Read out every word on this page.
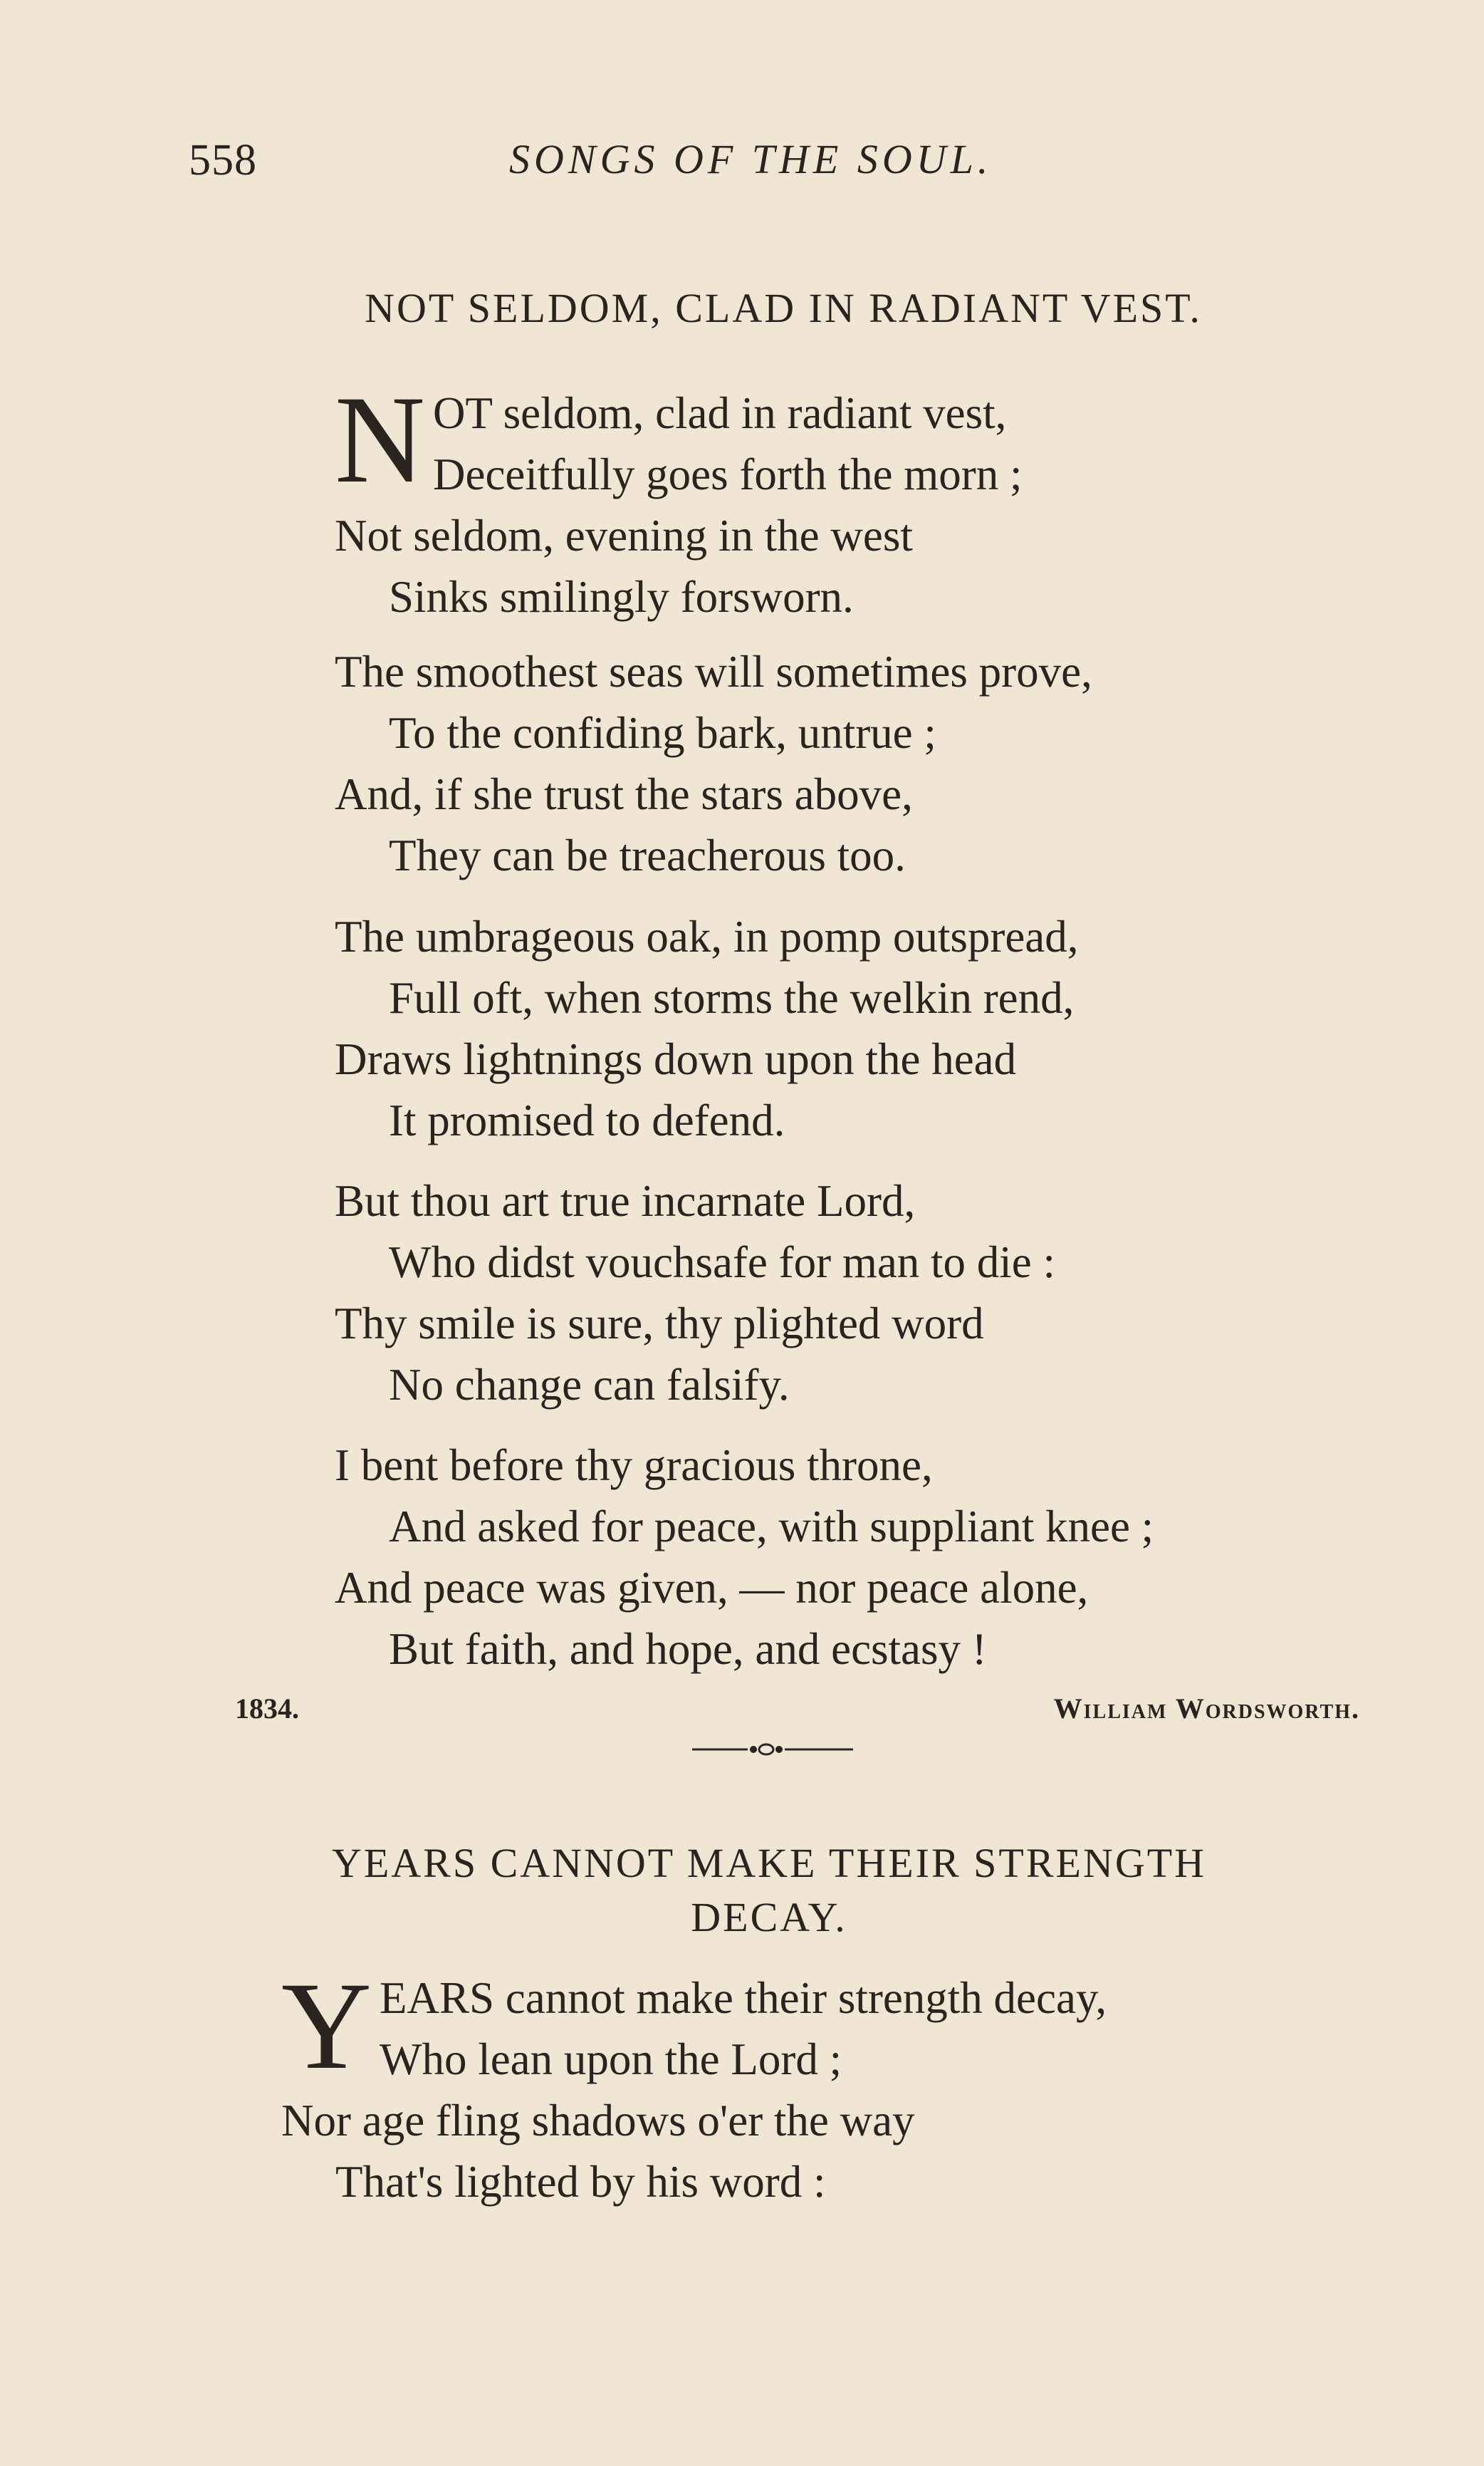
558	SONGS OF THE SOUL.
NOT SELDOM, CLAD IN RADIANT VEST.
N OT seldom, clad in radiant vest,
Deceitfully goes forth the morn ;
Not seldom, evening in the west
Sinks smilingly forsworn.
The smoothest seas will sometimes prove,
To the confiding bark, untrue ;
And, if she trust the stars above,
They can be treacherous too.
The umbrageous oak, in pomp outspread,
Full oft, when storms the welkin rend,
Draws lightnings down upon the head
It promised to defend.
But thou art true incarnate Lord,
Who didst vouchsafe for man to die :
Thy smile is sure, thy plighted word
No change can falsify.
I bent before thy gracious throne,
And asked for peace, with suppliant knee ;
And peace was given, — nor peace alone,
But faith, and hope, and ecstasy !
1834.	William Wordsworth.
YEARS CANNOT MAKE THEIR STRENGTH
DECAY.
Y EARS cannot make their strength decay,
Who lean upon the Lord ;
Nor age fling shadows o'er the way
That's lighted by his word :
